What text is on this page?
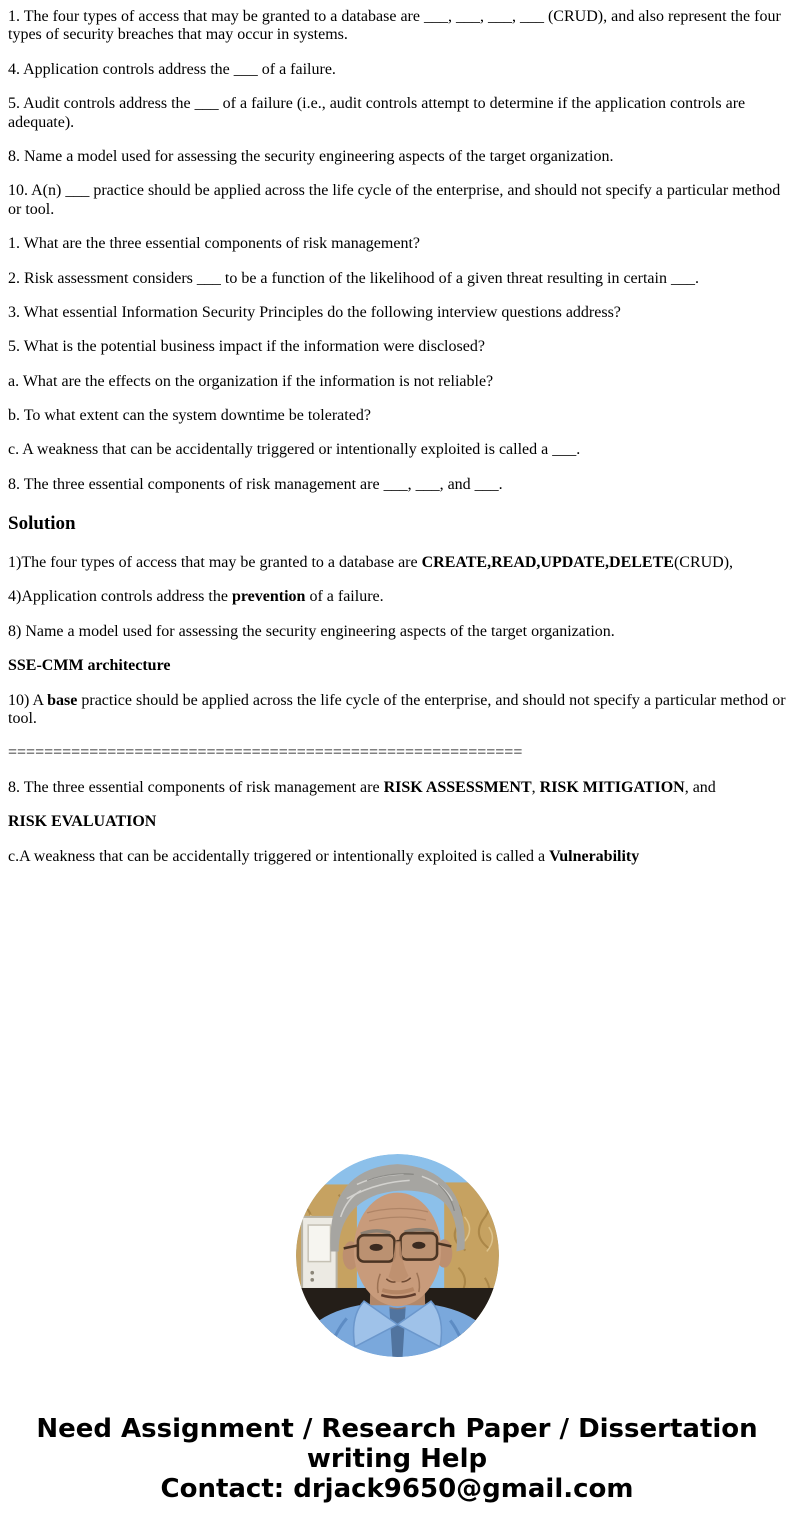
1. The four types of access that may be granted to a database are ___, ___, ___, ___ (CRUD), and also represent the four types of security breaches that may occur in systems.

4. Application controls address the ___ of a failure.

5. Audit controls address the ___ of a failure (i.e., audit controls attempt to determine if the application controls are adequate).

8. Name a model used for assessing the security engineering aspects of the target organization.

10. A(n) ___ practice should be applied across the life cycle of the enterprise, and should not specify a particular method or tool.

1. What are the three essential components of risk management?

2. Risk assessment considers ___ to be a function of the likelihood of a given threat resulting in certain ___.

3. What essential Information Security Principles do the following interview questions address?

5. What is the potential business impact if the information were disclosed?

a. What are the effects on the organization if the information is not reliable?

b. To what extent can the system downtime be tolerated?

c. A weakness that can be accidentally triggered or intentionally exploited is called a ___.

8. The three essential components of risk management are ___, ___, and ___.

Solution

1)The four types of access that may be granted to a database are CREATE,READ,UPDATE,DELETE(CRUD),

4)Application controls address the prevention of a failure.

8) Name a model used for assessing the security engineering aspects of the target organization.

SSE-CMM architecture

10) A base practice should be applied across the life cycle of the enterprise, and should not specify a particular method or tool.

=========================================================

8. The three essential components of risk management are RISK ASSESSMENT, RISK MITIGATION, and

RISK EVALUATION

c.A weakness that can be accidentally triggered or intentionally exploited is called a Vulnerability

Need Assignment / Research Paper / Dissertation writing Help
Contact: drjack9650@gmail.com
